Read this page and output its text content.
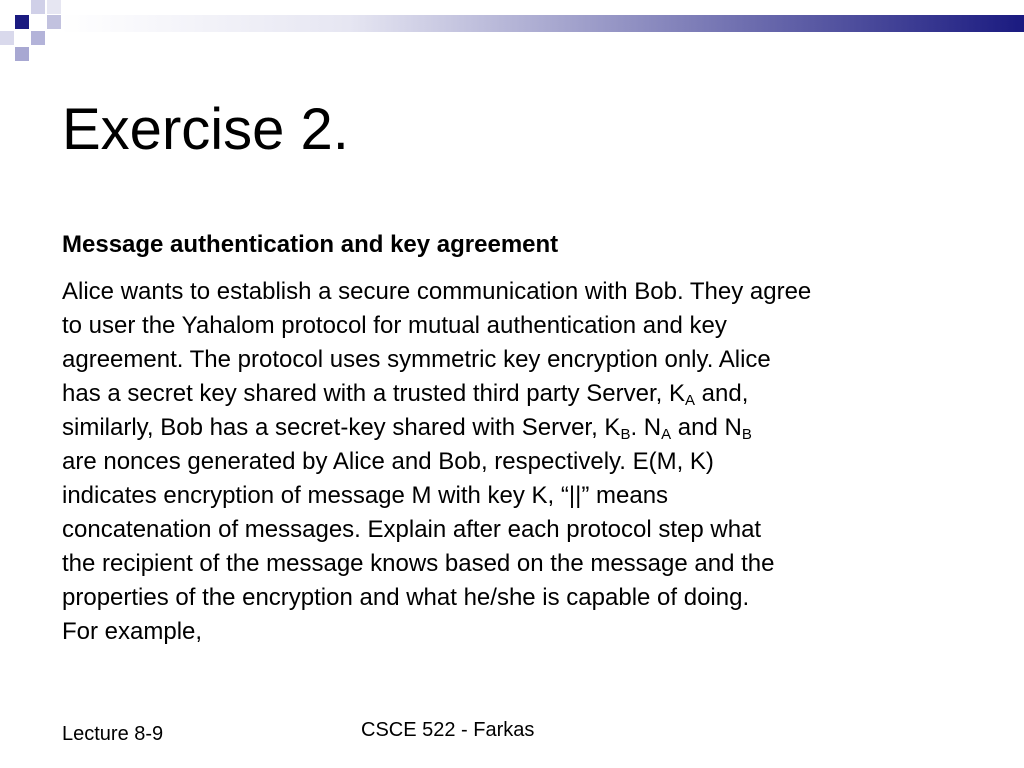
Exercise 2.
Message authentication and key agreement
Alice wants to establish a secure communication with Bob. They agree
to user the Yahalom protocol for mutual authentication and key
agreement. The protocol uses symmetric key encryption only. Alice
has a secret key shared with a trusted third party Server, $K_A$ and,
similarly, Bob has a secret-key shared with Server, $K_B$. $N_A$ and $N_B$
are nonces generated by Alice and Bob, respectively. E(M, K)
indicates encryption of message M with key K, “||” means
concatenation of messages. Explain after each protocol step what
the recipient of the message knows based on the message and the
properties of the encryption and what he/she is capable of doing.
For example,
Lecture 8-9	CSCE 522 - Farkas
